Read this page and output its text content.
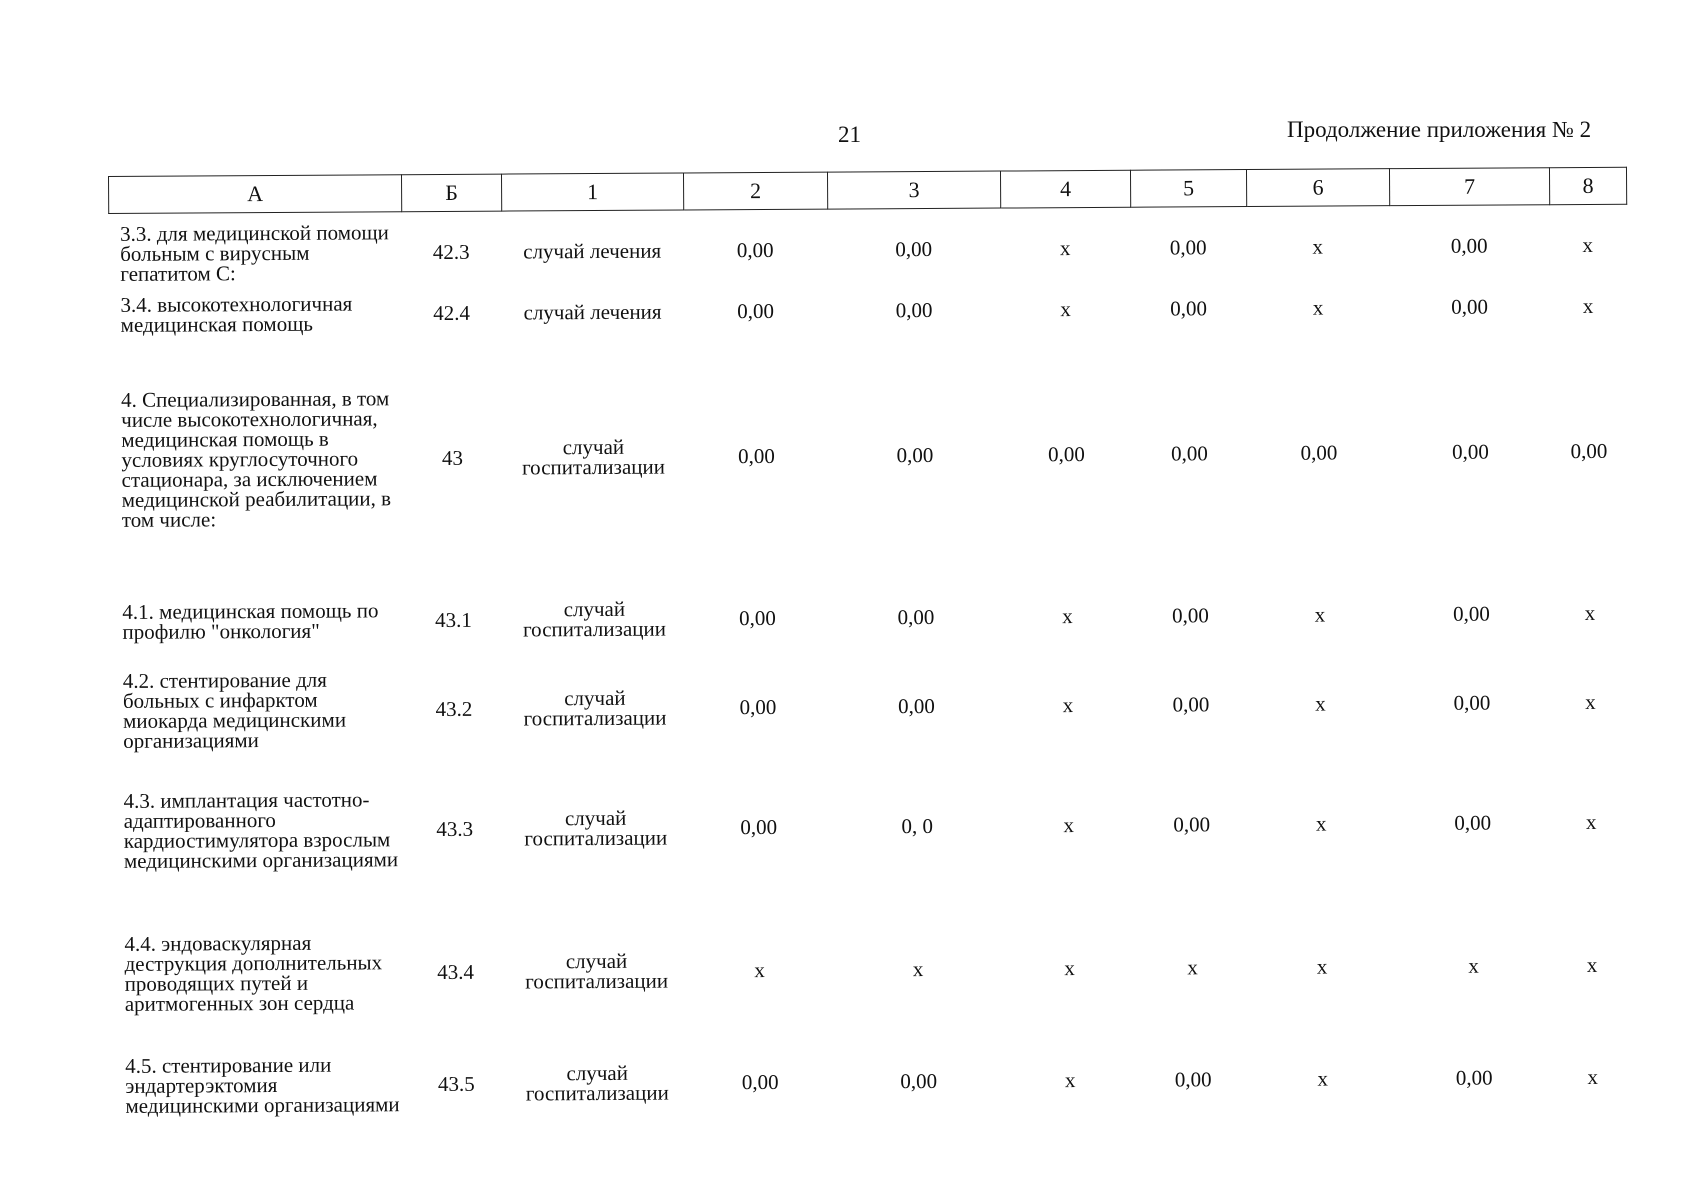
21	Продолжение приложения № 2
А	Б	1	2	3	4	5	6	7	8
3.3. для медицинской помощи больным с вирусным гепатитом С:	42.3	случай лечения	0,00	0,00	x	0,00	x	0,00	x
3.4. высокотехнологичная медицинская помощь	42.4	случай лечения	0,00	0,00	x	0,00	x	0,00	x
4. Специализированная, в том числе высокотехнологичная, медицинская помощь в условиях круглосуточного стационара, за исключением медицинской реабилитации, в том числе:	43	случай госпитализации	0,00	0,00	0,00	0,00	0,00	0,00	0,00
4.1. медицинская помощь по профилю "онкология"	43.1	случай госпитализации	0,00	0,00	x	0,00	x	0,00	x
4.2. стентирование для больных с инфарктом миокарда медицинскими организациями	43.2	случай госпитализации	0,00	0,00	x	0,00	x	0,00	x
4.3. имплантация частотно-адаптированного кардиостимулятора взрослым медицинскими организациями	43.3	случай госпитализации	0,00	0, 0	x	0,00	x	0,00	x
4.4. эндоваскулярная деструкция дополнительных проводящих путей и аритмогенных зон сердца	43.4	случай госпитализации	x	x	x	x	x	x	x
4.5. стентирование или эндартерэктомия медицинскими организациями	43.5	случай госпитализации	0,00	0,00	x	0,00	x	0,00	x
